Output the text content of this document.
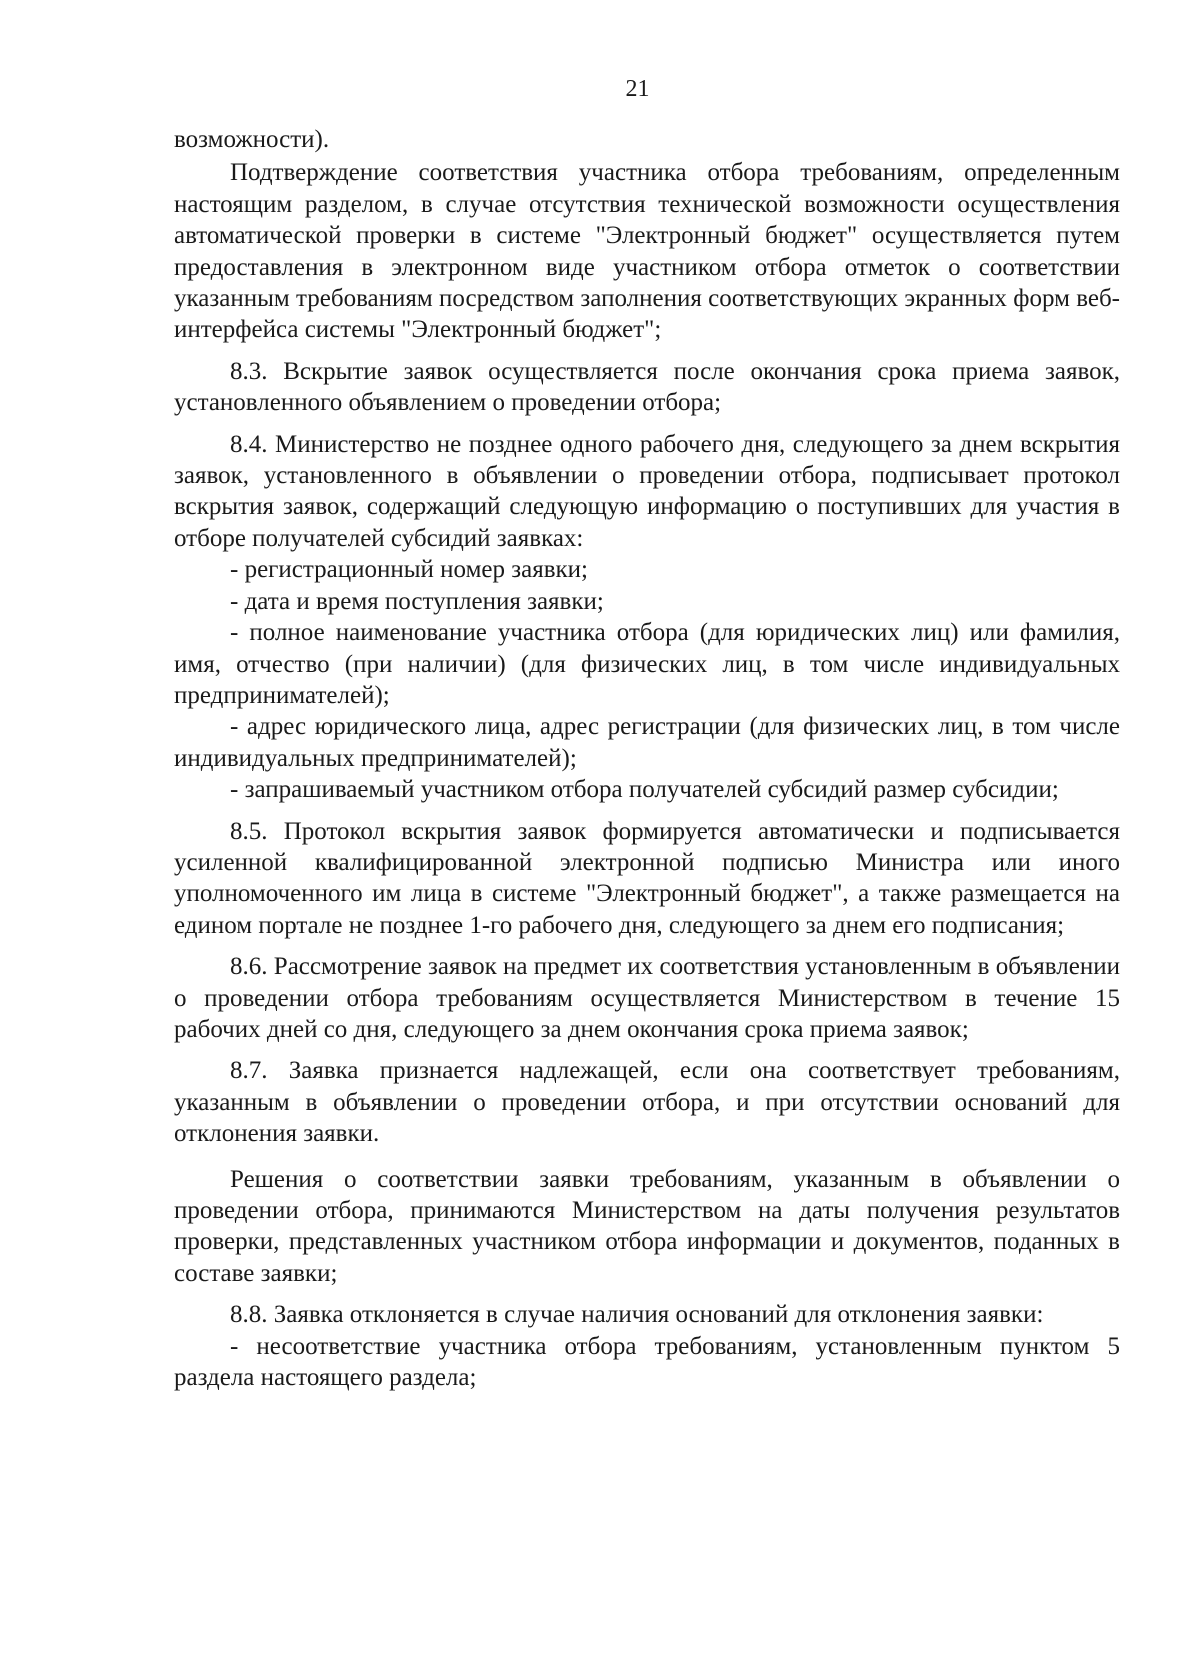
21

возможности).

Подтверждение соответствия участника отбора требованиям, определенным настоящим разделом, в случае отсутствия технической возможности осуществления автоматической проверки в системе "Электронный бюджет" осуществляется путем предоставления в электронном виде участником отбора отметок о соответствии указанным требованиям посредством заполнения соответствующих экранных форм веб-интерфейса системы "Электронный бюджет";

8.3. Вскрытие заявок осуществляется после окончания срока приема заявок, установленного объявлением о проведении отбора;

8.4. Министерство не позднее одного рабочего дня, следующего за днем вскрытия заявок, установленного в объявлении о проведении отбора, подписывает протокол вскрытия заявок, содержащий следующую информацию о поступивших для участия в отборе получателей субсидий заявках:

- регистрационный номер заявки;

- дата и время поступления заявки;

- полное наименование участника отбора (для юридических лиц) или фамилия, имя, отчество (при наличии) (для физических лиц, в том числе индивидуальных предпринимателей);

- адрес юридического лица, адрес регистрации (для физических лиц, в том числе индивидуальных предпринимателей);

- запрашиваемый участником отбора получателей субсидий размер субсидии;

8.5. Протокол вскрытия заявок формируется автоматически и подписывается усиленной квалифицированной электронной подписью Министра или иного уполномоченного им лица в системе "Электронный бюджет", а также размещается на едином портале не позднее 1-го рабочего дня, следующего за днем его подписания;

8.6. Рассмотрение заявок на предмет их соответствия установленным в объявлении о проведении отбора требованиям осуществляется Министерством в течение 15 рабочих дней со дня, следующего за днем окончания срока приема заявок;

8.7. Заявка признается надлежащей, если она соответствует требованиям, указанным в объявлении о проведении отбора, и при отсутствии оснований для отклонения заявки.

Решения о соответствии заявки требованиям, указанным в объявлении о проведении отбора, принимаются Министерством на даты получения результатов проверки, представленных участником отбора информации и документов, поданных в составе заявки;

8.8. Заявка отклоняется в случае наличия оснований для отклонения заявки:

- несоответствие участника отбора требованиям, установленным пунктом 5 раздела настоящего раздела;
